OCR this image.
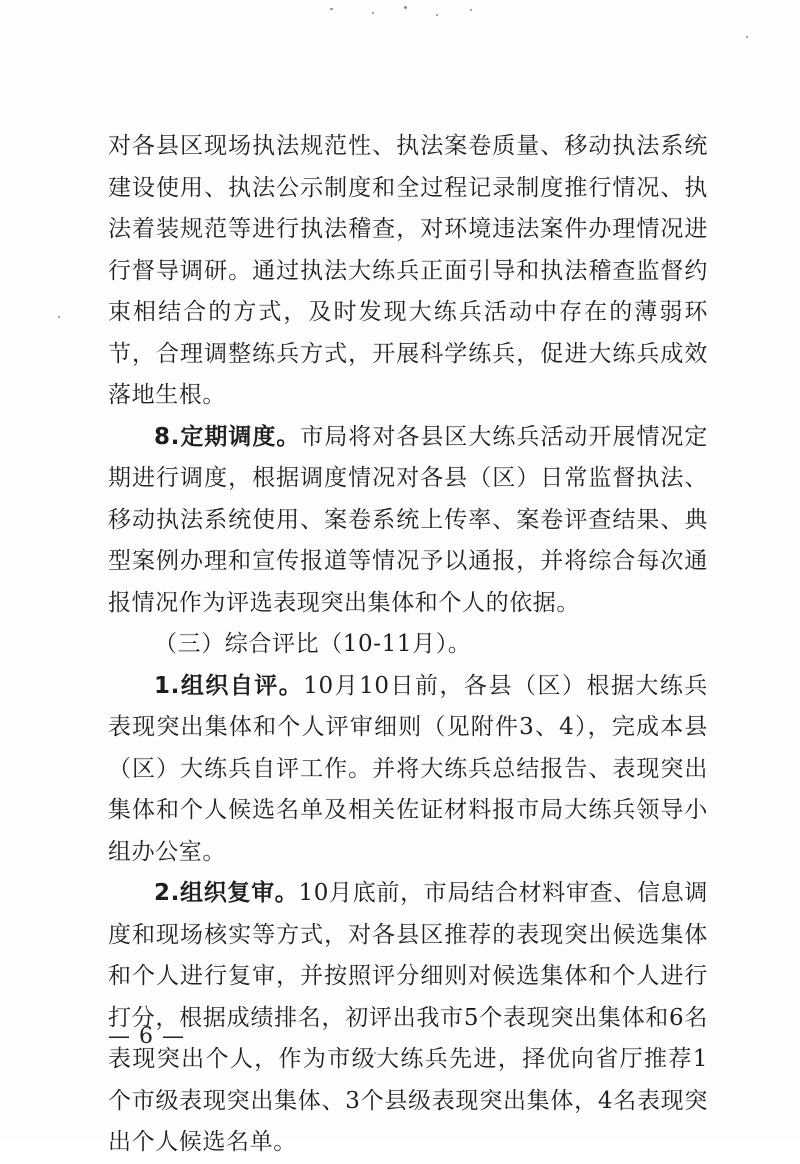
对各县区现场执法规范性、执法案卷质量、移动执法系统建设使用、执法公示制度和全过程记录制度推行情况、执法着装规范等进行执法稽查，对环境违法案件办理情况进行督导调研。通过执法大练兵正面引导和执法稽查监督约束相结合的方式，及时发现大练兵活动中存在的薄弱环节，合理调整练兵方式，开展科学练兵，促进大练兵成效落地生根。

8.定期调度。市局将对各县区大练兵活动开展情况定期进行调度，根据调度情况对各县（区）日常监督执法、移动执法系统使用、案卷系统上传率、案卷评查结果、典型案例办理和宣传报道等情况予以通报，并将综合每次通报情况作为评选表现突出集体和个人的依据。

（三）综合评比（10-11月）。

1.组织自评。10月10日前，各县（区）根据大练兵表现突出集体和个人评审细则（见附件3、4），完成本县（区）大练兵自评工作。并将大练兵总结报告、表现突出集体和个人候选名单及相关佐证材料报市局大练兵领导小组办公室。

2.组织复审。10月底前，市局结合材料审查、信息调度和现场核实等方式，对各县区推荐的表现突出候选集体和个人进行复审，并按照评分细则对候选集体和个人进行打分，根据成绩排名，初评出我市5个表现突出集体和6名表现突出个人，作为市级大练兵先进，择优向省厅推荐1个市级表现突出集体、3个县级表现突出集体，4名表现突出个人候选名单。

— 6 —
